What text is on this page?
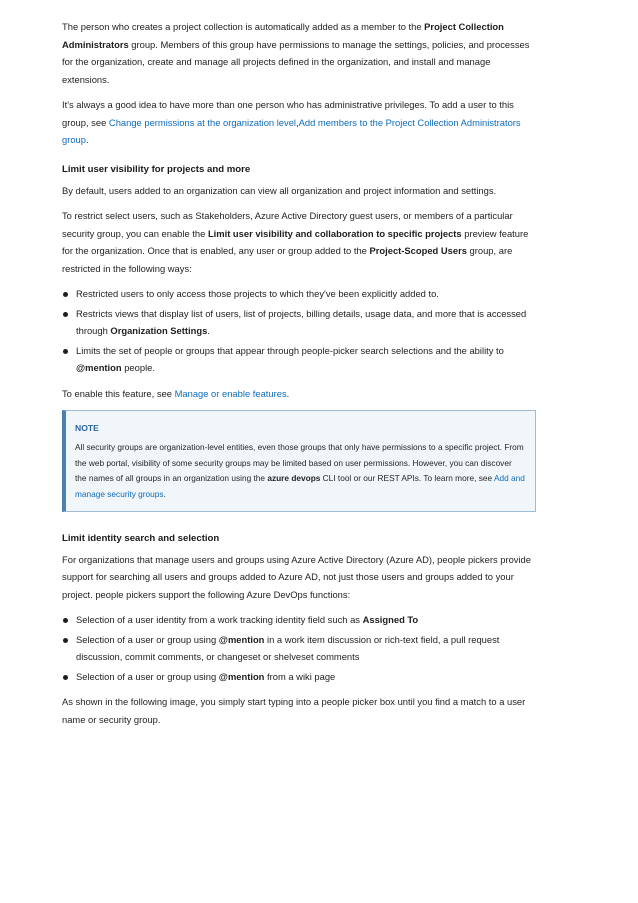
The person who creates a project collection is automatically added as a member to the Project Collection Administrators group. Members of this group have permissions to manage the settings, policies, and processes for the organization, create and manage all projects defined in the organization, and install and manage extensions.

It's always a good idea to have more than one person who has administrative privileges. To add a user to this group, see Change permissions at the organization level,Add members to the Project Collection Administrators group.

Limit user visibility for projects and more

By default, users added to an organization can view all organization and project information and settings.

To restrict select users, such as Stakeholders, Azure Active Directory guest users, or members of a particular security group, you can enable the Limit user visibility and collaboration to specific projects preview feature for the organization. Once that is enabled, any user or group added to the Project-Scoped Users group, are restricted in the following ways:

Restricted users to only access those projects to which they've been explicitly added to.
Restricts views that display list of users, list of projects, billing details, usage data, and more that is accessed through Organization Settings.
Limits the set of people or groups that appear through people-picker search selections and the ability to @mention people.

To enable this feature, see Manage or enable features.

NOTE

All security groups are organization-level entities, even those groups that only have permissions to a specific project. From the web portal, visibility of some security groups may be limited based on user permissions. However, you can discover the names of all groups in an organization using the azure devops CLI tool or our REST APIs. To learn more, see Add and manage security groups.

Limit identity search and selection

For organizations that manage users and groups using Azure Active Directory (Azure AD), people pickers provide support for searching all users and groups added to Azure AD, not just those users and groups added to your project. people pickers support the following Azure DevOps functions:

Selection of a user identity from a work tracking identity field such as Assigned To
Selection of a user or group using @mention in a work item discussion or rich-text field, a pull request discussion, commit comments, or changeset or shelveset comments
Selection of a user or group using @mention from a wiki page

As shown in the following image, you simply start typing into a people picker box until you find a match to a user name or security group.
